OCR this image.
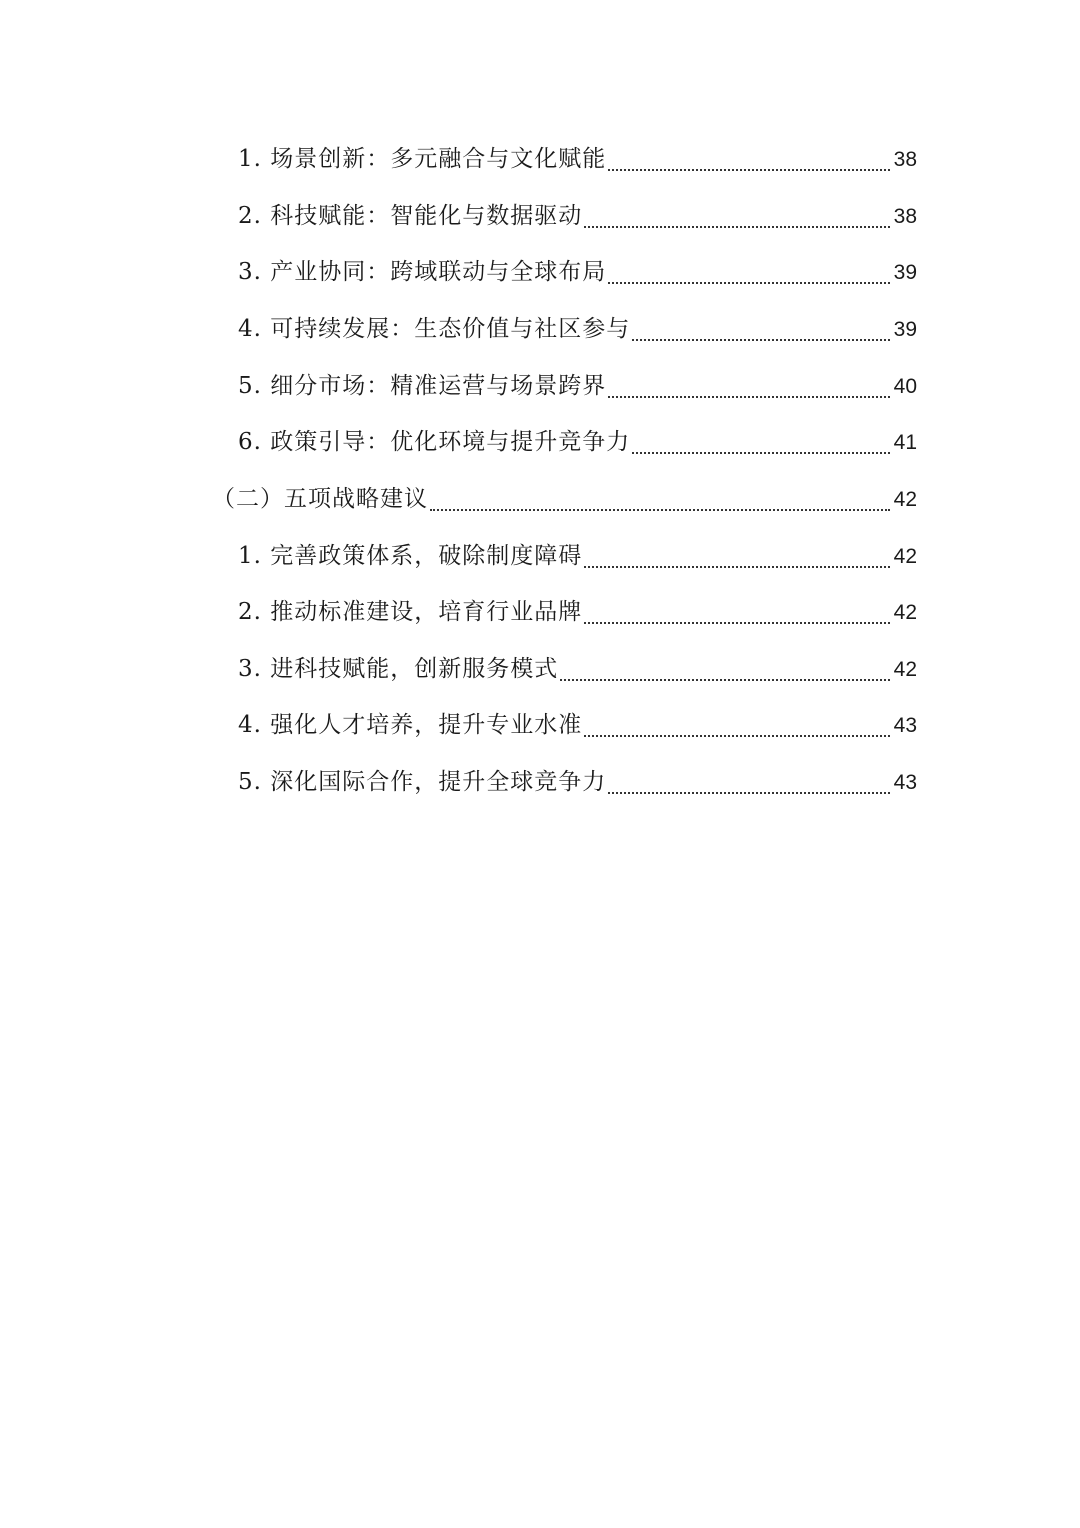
1. 场景创新：多元融合与文化赋能	38
2. 科技赋能：智能化与数据驱动	38
3. 产业协同：跨域联动与全球布局	39
4. 可持续发展：生态价值与社区参与	39
5. 细分市场：精准运营与场景跨界	40
6. 政策引导：优化环境与提升竞争力	41
（二）五项战略建议	42
1. 完善政策体系，破除制度障碍	42
2. 推动标准建设，培育行业品牌	42
3. 进科技赋能，创新服务模式	42
4. 强化人才培养，提升专业水准	43
5. 深化国际合作，提升全球竞争力	43
